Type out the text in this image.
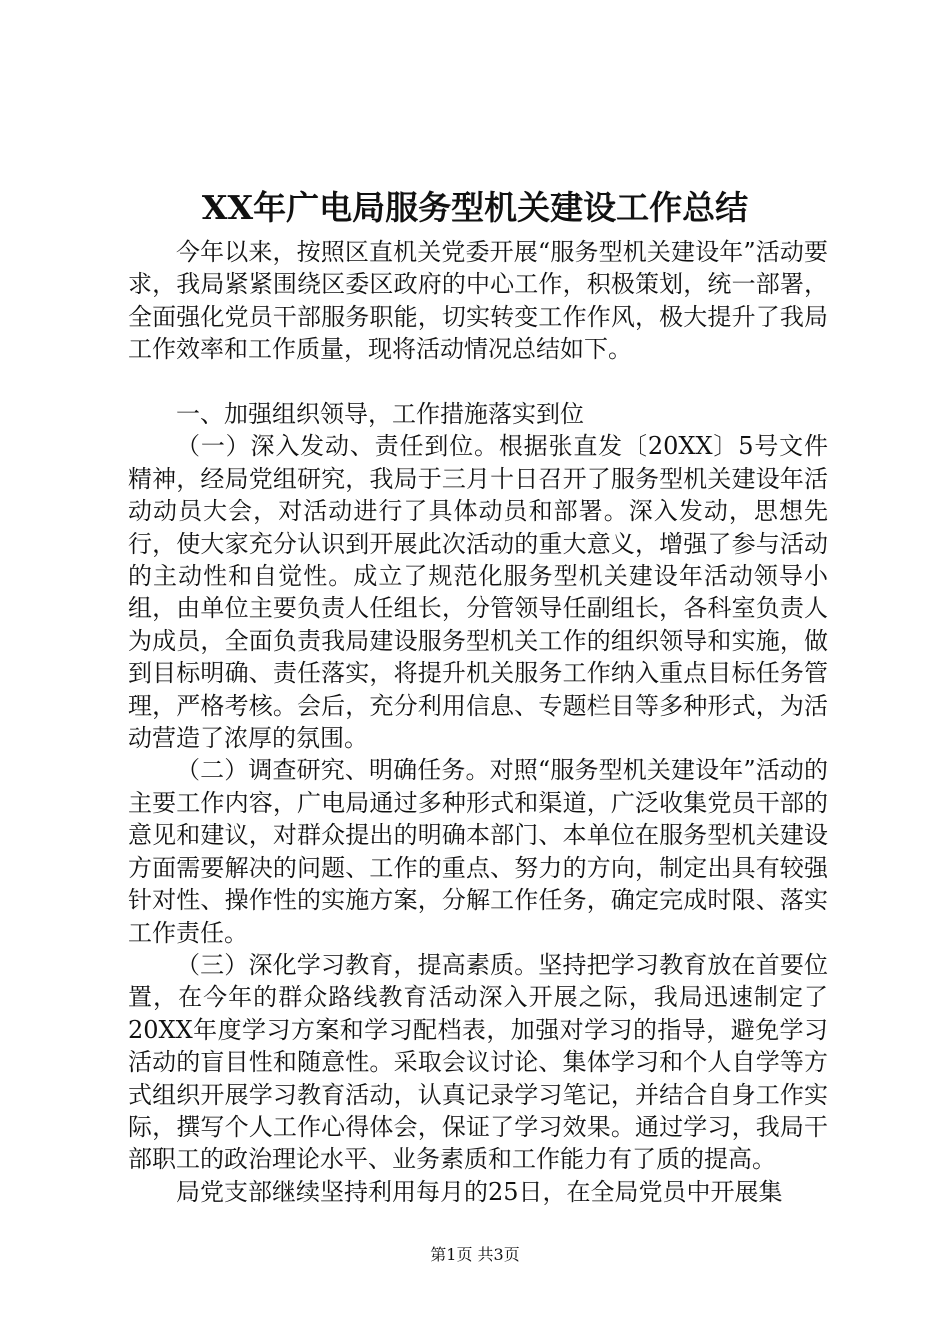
XX年广电局服务型机关建设工作总结

今年以来，按照区直机关党委开展“服务型机关建设年”活动要求，我局紧紧围绕区委区政府的中心工作，积极策划，统一部署，全面强化党员干部服务职能，切实转变工作作风，极大提升了我局工作效率和工作质量，现将活动情况总结如下。

一、加强组织领导，工作措施落实到位

（一）深入发动、责任到位。根据张直发〔20XX〕5号文件精神，经局党组研究，我局于三月十日召开了服务型机关建设年活动动员大会，对活动进行了具体动员和部署。深入发动，思想先行，使大家充分认识到开展此次活动的重大意义，增强了参与活动的主动性和自觉性。成立了规范化服务型机关建设年活动领导小组，由单位主要负责人任组长，分管领导任副组长，各科室负责人为成员，全面负责我局建设服务型机关工作的组织领导和实施，做到目标明确、责任落实，将提升机关服务工作纳入重点目标任务管理，严格考核。会后，充分利用信息、专题栏目等多种形式，为活动营造了浓厚的氛围。

（二）调查研究、明确任务。对照“服务型机关建设年”活动的主要工作内容，广电局通过多种形式和渠道，广泛收集党员干部的意见和建议，对群众提出的明确本部门、本单位在服务型机关建设方面需要解决的问题、工作的重点、努力的方向，制定出具有较强针对性、操作性的实施方案，分解工作任务，确定完成时限、落实工作责任。

（三）深化学习教育，提高素质。坚持把学习教育放在首要位置，在今年的群众路线教育活动深入开展之际，我局迅速制定了20XX年度学习方案和学习配档表，加强对学习的指导，避免学习活动的盲目性和随意性。采取会议讨论、集体学习和个人自学等方式组织开展学习教育活动，认真记录学习笔记，并结合自身工作实际，撰写个人工作心得体会，保证了学习效果。通过学习，我局干部职工的政治理论水平、业务素质和工作能力有了质的提高。

局党支部继续坚持利用每月的25日，在全局党员中开展集

第1页 共3页
